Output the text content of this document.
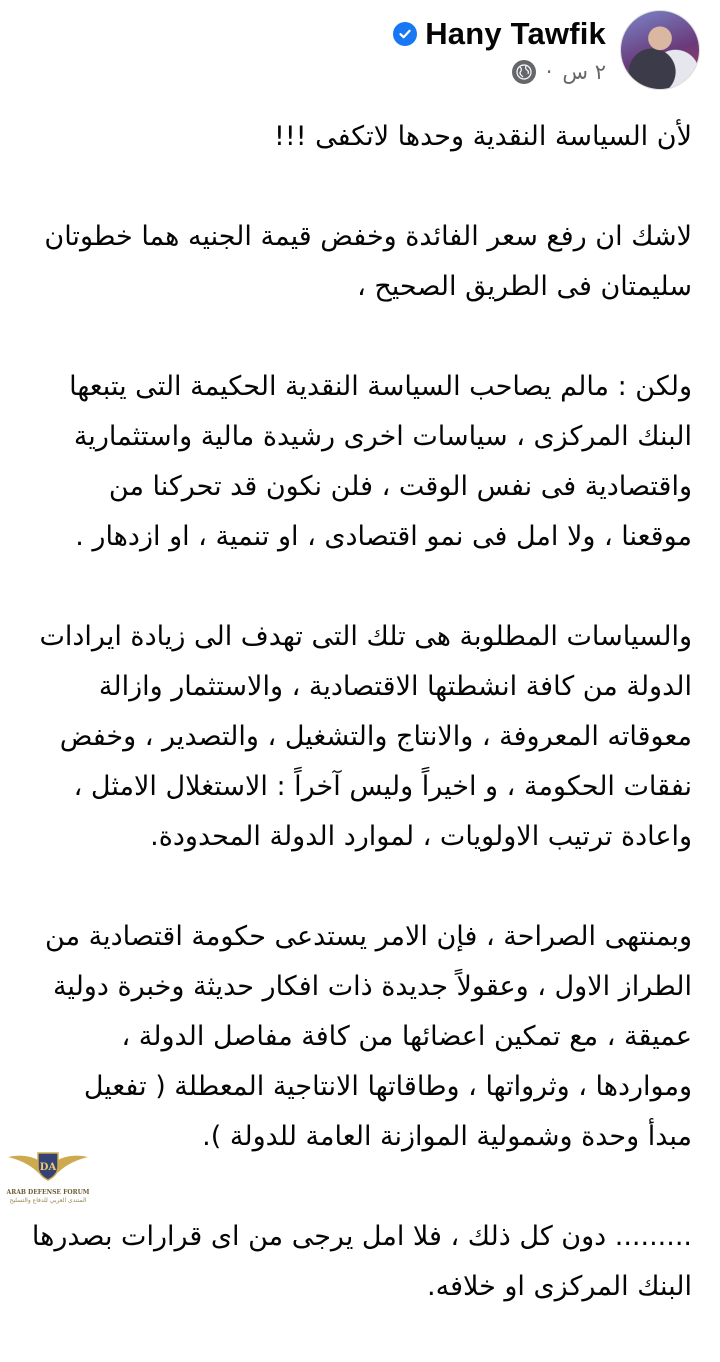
Hany Tawfik
· ٢ س

لأن السياسة النقدية وحدها لاتكفى !!!

لاشك ان رفع سعر الفائدة وخفض قيمة الجنيه هما خطوتان
سليمتان فى الطريق الصحيح ،

ولكن : مالم يصاحب السياسة النقدية الحكيمة التى يتبعها
البنك المركزى ، سياسات اخرى رشيدة مالية واستثمارية
واقتصادية فى نفس الوقت ، فلن نكون قد تحركنا من
موقعنا ، ولا امل فى نمو اقتصادى ، او تنمية ، او ازدهار .

والسياسات المطلوبة هى تلك التى تهدف الى زيادة ايرادات
الدولة من كافة انشطتها الاقتصادية ، والاستثمار وازالة
معوقاته المعروفة ، والانتاج والتشغيل ، والتصدير ، وخفض
نفقات الحكومة ، و اخيراً وليس آخراً : الاستغلال الامثل ،
واعادة ترتيب الاولويات ، لموارد الدولة المحدودة.

وبمنتهى الصراحة ، فإن الامر يستدعى حكومة اقتصادية من
الطراز الاول ، وعقولاً جديدة ذات افكار حديثة وخبرة دولية
عميقة ، مع تمكين اعضائها من كافة مفاصل الدولة ،
ومواردها ، وثرواتها ، وطاقاتها الانتاجية المعطلة ( تفعيل
مبدأ وحدة وشمولية الموازنة العامة للدولة ).

......... دون كل ذلك ، فلا امل يرجى من اى قرارات بصدرها
البنك المركزى او خلافه.

DA
ARAB DEFENSE FORUM
المنتدى العربي للدفاع والتسليح
